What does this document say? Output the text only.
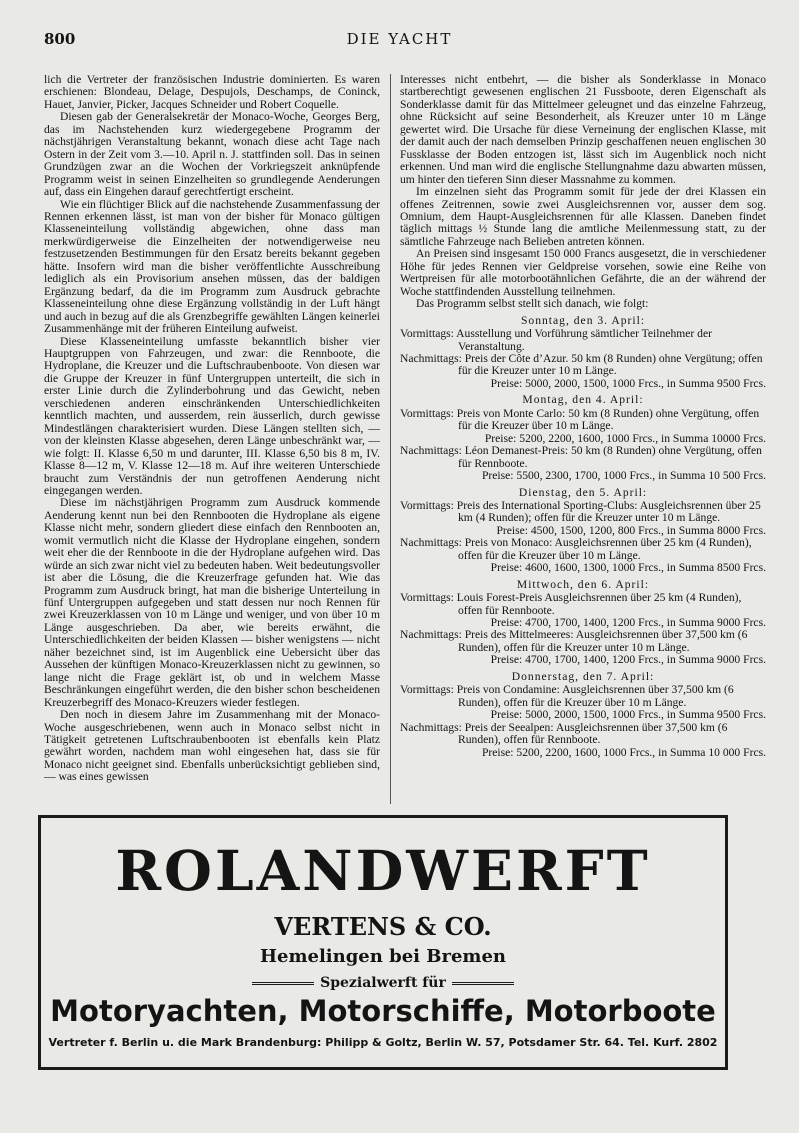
800	DIE YACHT

lich die Vertreter der französischen Industrie dominierten. Es waren erschienen: Blondeau, Delage, Despujols, Deschamps, de Coninck, Hauet, Janvier, Picker, Jacques Schneider und Robert Coquelle.

Diesen gab der Generalsekretär der Monaco-Woche, Georges Berg, das im Nachstehenden kurz wiedergegebene Programm der nächstjährigen Veranstaltung bekannt, wonach diese acht Tage nach Ostern in der Zeit vom 3.—10. April n. J. stattfinden soll. Das in seinen Grundzügen zwar an die Wochen der Vorkriegszeit anknüpfende Programm weist in seinen Einzelheiten so grundlegende Aenderungen auf, dass ein Eingehen darauf gerechtfertigt erscheint.

Wie ein flüchtiger Blick auf die nachstehende Zusammenfassung der Rennen erkennen lässt, ist man von der bisher für Monaco gültigen Klasseneinteilung vollständig abgewichen, ohne dass man merkwürdigerweise die Einzelheiten der notwendigerweise neu festzusetzenden Bestimmungen für den Ersatz bereits bekannt gegeben hätte. Insofern wird man die bisher veröffentlichte Ausschreibung lediglich als ein Provisorium ansehen müssen, das der baldigen Ergänzung bedarf, da die im Programm zum Ausdruck gebrachte Klasseneinteilung ohne diese Ergänzung vollständig in der Luft hängt und auch in bezug auf die als Grenzbegriffe gewählten Längen keinerlei Zusammenhänge mit der früheren Einteilung aufweist.

Diese Klasseneinteilung umfasste bekanntlich bisher vier Hauptgruppen von Fahrzeugen, und zwar: die Rennboote, die Hydroplane, die Kreuzer und die Luftschraubenboote. Von diesen war die Gruppe der Kreuzer in fünf Untergruppen unterteilt, die sich in erster Linie durch die Zylinderbohrung und das Gewicht, neben verschiedenen anderen einschränkenden Unterschiedlichkeiten kenntlich machten, und ausserdem, rein äusserlich, durch gewisse Mindestlängen charakterisiert wurden. Diese Längen stellten sich, — von der kleinsten Klasse abgesehen, deren Länge unbeschränkt war, — wie folgt: II. Klasse 6,50 m und darunter, III. Klasse 6,50 bis 8 m, IV. Klasse 8—12 m, V. Klasse 12—18 m. Auf ihre weiteren Unterschiede braucht zum Verständnis der nun getroffenen Aenderung nicht eingegangen werden.

Diese im nächstjährigen Programm zum Ausdruck kommende Aenderung kennt nun bei den Rennbooten die Hydroplane als eigene Klasse nicht mehr, sondern gliedert diese einfach den Rennbooten an, womit vermutlich nicht die Klasse der Hydroplane eingehen, sondern weit eher die der Rennboote in die der Hydroplane aufgehen wird. Das würde an sich zwar nicht viel zu bedeuten haben. Weit bedeutungsvoller ist aber die Lösung, die die Kreuzerfrage gefunden hat. Wie das Programm zum Ausdruck bringt, hat man die bisherige Unterteilung in fünf Untergruppen aufgegeben und statt dessen nur noch Rennen für zwei Kreuzerklassen von 10 m Länge und weniger, und von über 10 m Länge ausgeschrieben. Da aber, wie bereits erwähnt, die Unterschiedlichkeiten der beiden Klassen — bisher wenigstens — nicht näher bezeichnet sind, ist im Augenblick eine Uebersicht über das Aussehen der künftigen Monaco-Kreuzerklassen nicht zu gewinnen, so lange nicht die Frage geklärt ist, ob und in welchem Masse Beschränkungen eingeführt werden, die den bisher schon bescheidenen Kreuzerbegriff des Monaco-Kreuzers wieder festlegen.

Den noch in diesem Jahre im Zusammenhang mit der Monaco-Woche ausgeschriebenen, wenn auch in Monaco selbst nicht in Tätigkeit getretenen Luftschraubenbooten ist ebenfalls kein Platz gewährt worden, nachdem man wohl eingesehen hat, dass sie für Monaco nicht geeignet sind. Ebenfalls unberücksichtigt geblieben sind, — was eines gewissen

Interesses nicht entbehrt, — die bisher als Sonderklasse in Monaco startberechtigt gewesenen englischen 21 Fussboote, deren Eigenschaft als Sonderklasse damit für das Mittelmeer geleugnet und das einzelne Fahrzeug, ohne Rücksicht auf seine Besonderheit, als Kreuzer unter 10 m Länge gewertet wird. Die Ursache für diese Verneinung der englischen Klasse, mit der damit auch der nach demselben Prinzip geschaffenen neuen englischen 30 Fussklasse der Boden entzogen ist, lässt sich im Augenblick noch nicht erkennen. Und man wird die englische Stellungnahme dazu abwarten müssen, um hinter den tieferen Sinn dieser Massnahme zu kommen.

Im einzelnen sieht das Programm somit für jede der drei Klassen ein offenes Zeitrennen, sowie zwei Ausgleichsrennen vor, ausser dem sog. Omnium, dem Haupt-Ausgleichsrennen für alle Klassen. Daneben findet täglich mittags ½ Stunde lang die amtliche Meilenmessung statt, zu der sämtliche Fahrzeuge nach Belieben antreten können.

An Preisen sind insgesamt 150 000 Francs ausgesetzt, die in verschiedener Höhe für jedes Rennen vier Geldpreise vorsehen, sowie eine Reihe von Wertpreisen für alle motorbootähnlichen Gefährte, die an der während der Woche stattfindenden Ausstellung teilnehmen.

Das Programm selbst stellt sich danach, wie folgt:

Sonntag, den 3. April:
Vormittags: Ausstellung und Vorführung sämtlicher Teilnehmer der Veranstaltung.
Nachmittags: Preis der Côte d’Azur. 50 km (8 Runden) ohne Vergütung; offen für die Kreuzer unter 10 m Länge.
Preise: 5000, 2000, 1500, 1000 Frcs., in Summa 9500 Frcs.
Montag, den 4. April:
Vormittags: Preis von Monte Carlo: 50 km (8 Runden) ohne Vergütung, offen für die Kreuzer über 10 m Länge.
Preise: 5200, 2200, 1600, 1000 Frcs., in Summa 10000 Frcs.
Nachmittags: Léon Demanest-Preis: 50 km (8 Runden) ohne Vergütung, offen für Rennboote.
Preise: 5500, 2300, 1700, 1000 Frcs., in Summa 10 500 Frcs.
Dienstag, den 5. April:
Vormittags: Preis des International Sporting-Clubs: Ausgleichsrennen über 25 km (4 Runden); offen für die Kreuzer unter 10 m Länge.
Preise: 4500, 1500, 1200, 800 Frcs., in Summa 8000 Frcs.
Nachmittags: Preis von Monaco: Ausgleichsrennen über 25 km (4 Runden), offen für die Kreuzer über 10 m Länge.
Preise: 4600, 1600, 1300, 1000 Frcs., in Summa 8500 Frcs.
Mittwoch, den 6. April:
Vormittags: Louis Forest-Preis Ausgleichsrennen über 25 km (4 Runden), offen für Rennboote.
Preise: 4700, 1700, 1400, 1200 Frcs., in Summa 9000 Frcs.
Nachmittags: Preis des Mittelmeeres: Ausgleichsrennen über 37,500 km (6 Runden), offen für die Kreuzer unter 10 m Länge.
Preise: 4700, 1700, 1400, 1200 Frcs., in Summa 9000 Frcs.
Donnerstag, den 7. April:
Vormittags: Preis von Condamine: Ausgleichsrennen über 37,500 km (6 Runden), offen für die Kreuzer über 10 m Länge.
Preise: 5000, 2000, 1500, 1000 Frcs., in Summa 9500 Frcs.
Nachmittags: Preis der Seealpen: Ausgleichsrennen über 37,500 km (6 Runden), offen für Rennboote.
Preise: 5200, 2200, 1600, 1000 Frcs., in Summa 10 000 Frcs.
ROLANDWERFT
VERTENS & CO.
Hemelingen bei Bremen
Spezialwerft für
Motoryachten, Motorschiffe, Motorboote
Vertreter f. Berlin u. die Mark Brandenburg: Philipp & Goltz, Berlin W. 57, Potsdamer Str. 64. Tel. Kurf. 2802
